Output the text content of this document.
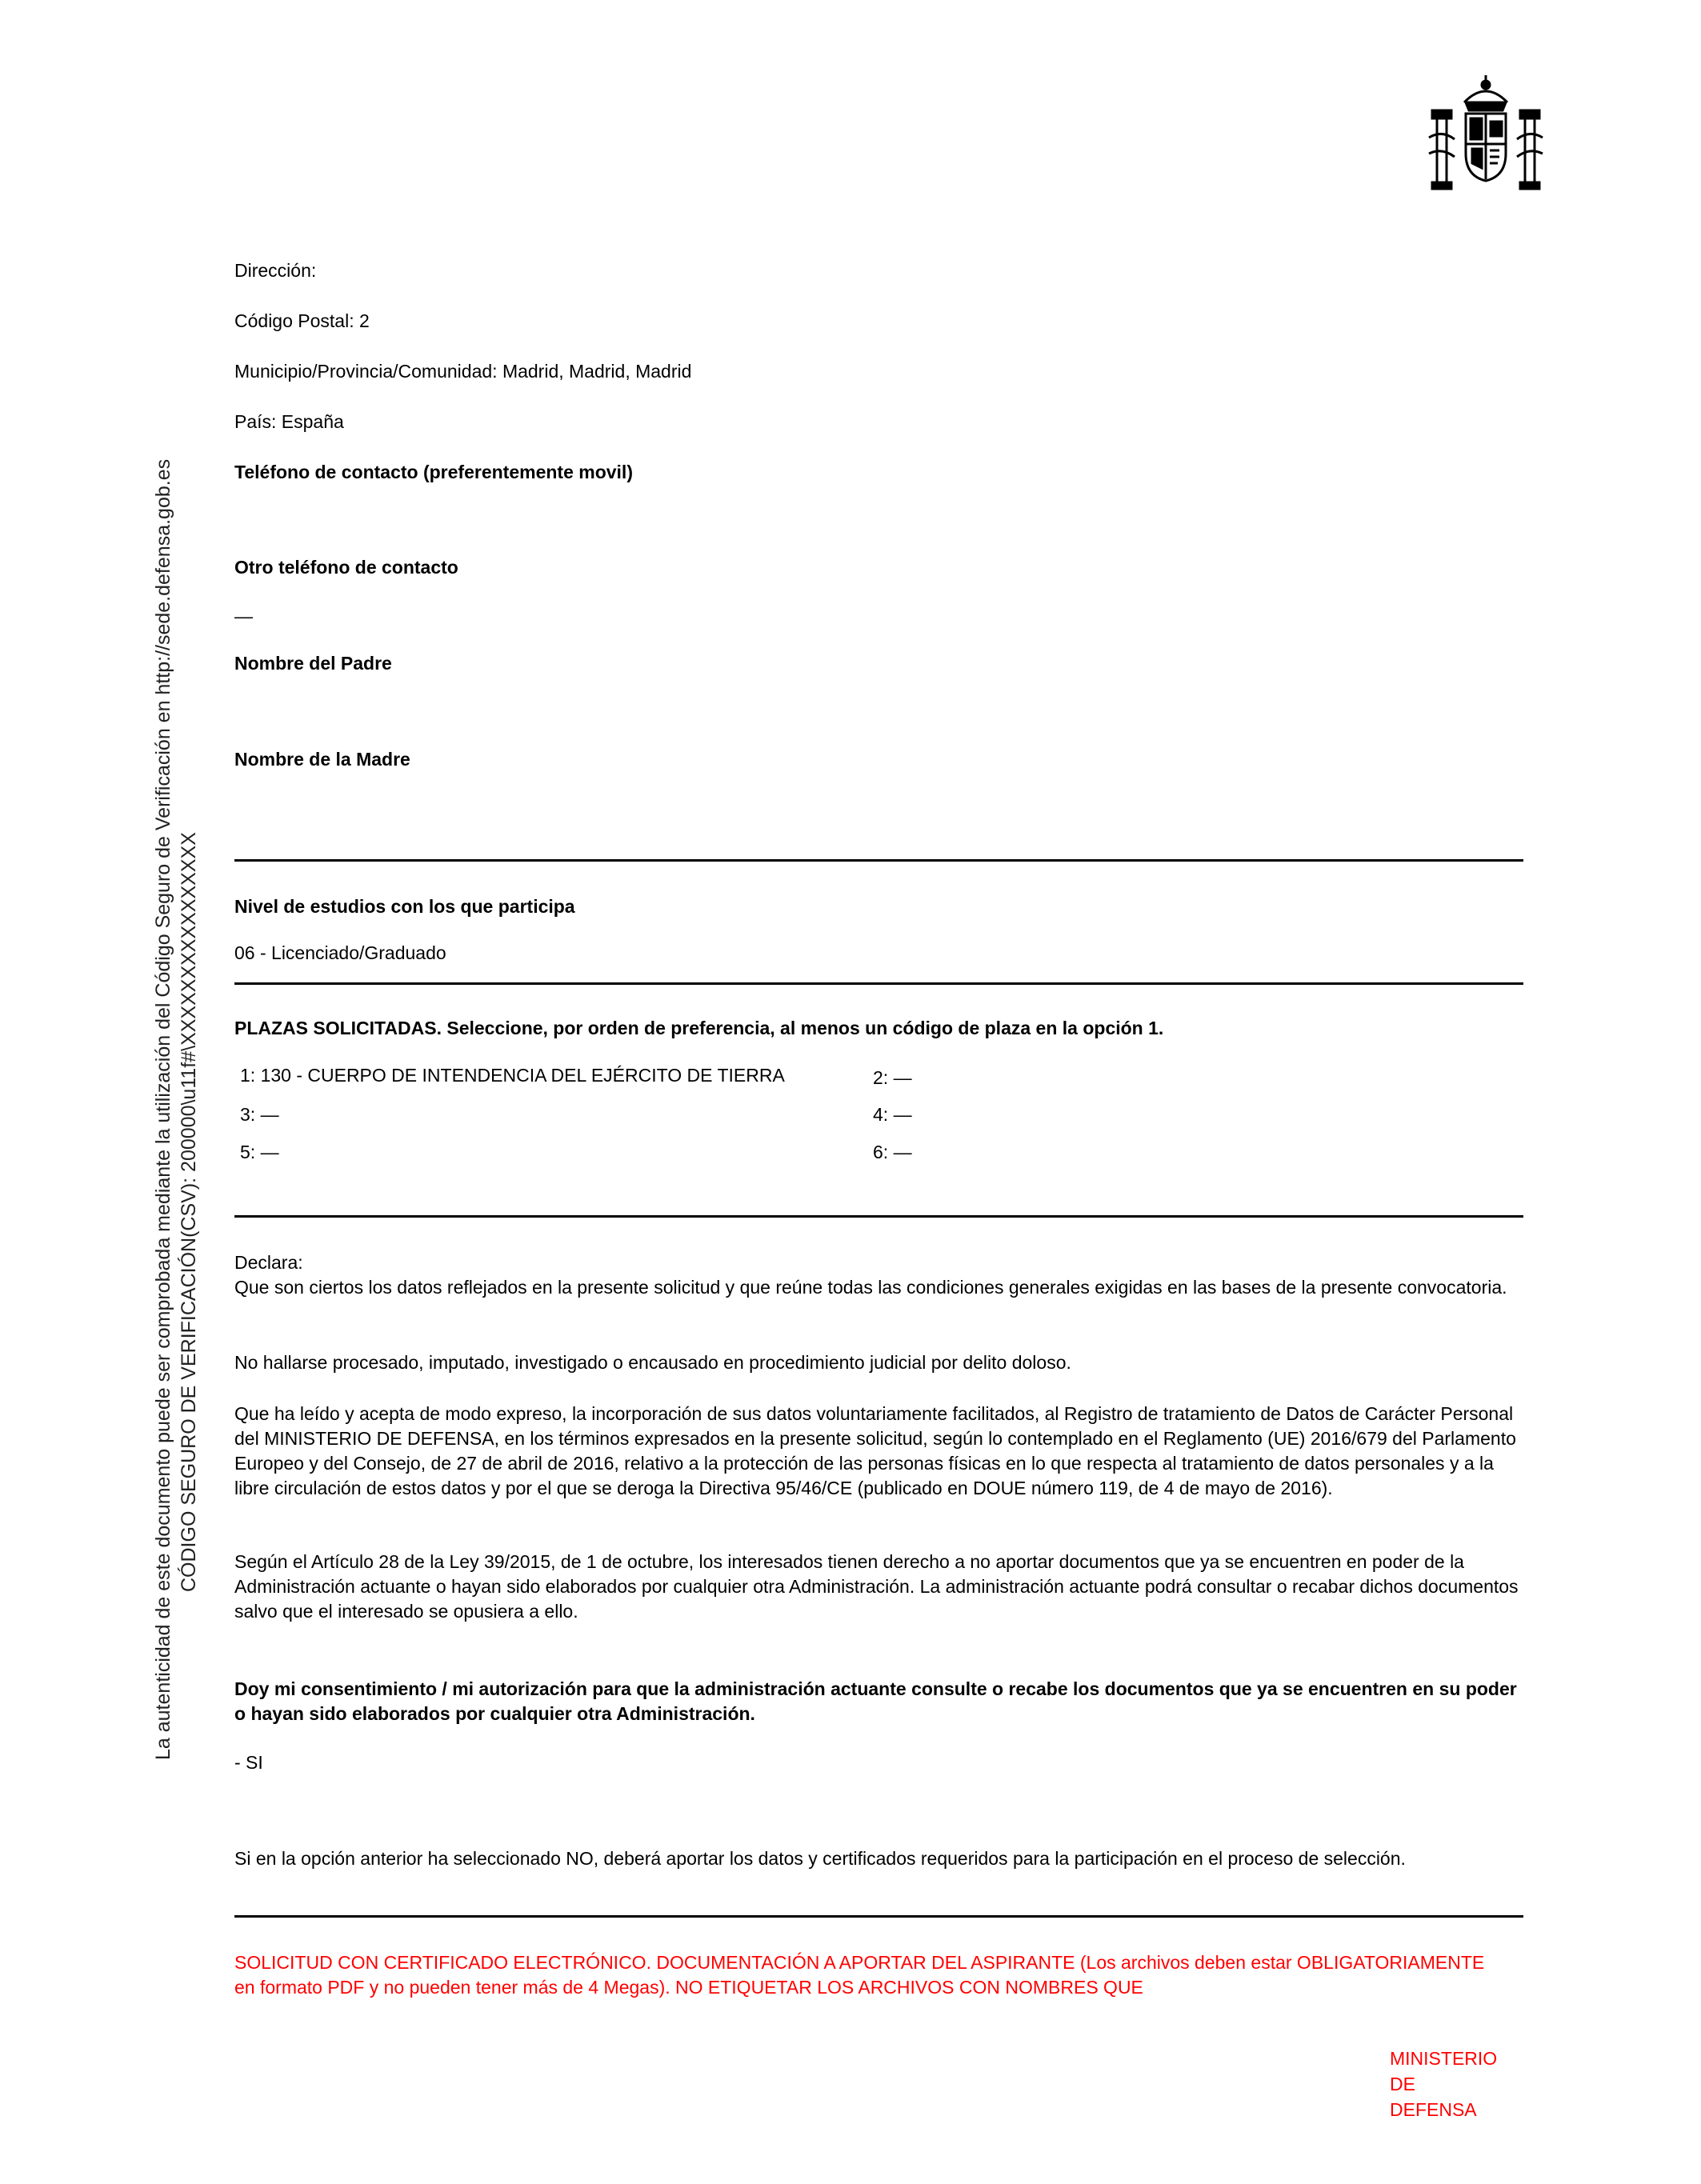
La autenticidad de este documento puede ser comprobada mediante la utilización del Código Seguro de Verificación en http://sede.defensa.gob.es CÓDIGO SEGURO DE VERIFICACIÓN(CSV): 200000\u11f#\XXXXXXXXXXXXXXXX
Dirección:
Código Postal: 2
Municipio/Provincia/Comunidad: Madrid, Madrid, Madrid
País: España
Teléfono de contacto (preferentemente movil)
Otro teléfono de contacto
—
Nombre del Padre
Nombre de la Madre
Nivel de estudios con los que participa
06 - Licenciado/Graduado
PLAZAS SOLICITADAS. Seleccione, por orden de preferencia, al menos un código de plaza en la opción 1.
1: 130 - CUERPO DE INTENDENCIA DEL EJÉRCITO DE TIERRA	2: —
3: —	4: —
5: —	6: —
Declara:
Que son ciertos los datos reflejados en la presente solicitud y que reúne todas las condiciones generales exigidas en las bases de la presente convocatoria.
No hallarse procesado, imputado, investigado o encausado en procedimiento judicial por delito doloso.
Que ha leído y acepta de modo expreso, la incorporación de sus datos voluntariamente facilitados, al Registro de tratamiento de Datos de Carácter Personal del MINISTERIO DE DEFENSA, en los términos expresados en la presente solicitud, según lo contemplado en el Reglamento (UE) 2016/679 del Parlamento Europeo y del Consejo, de 27 de abril de 2016, relativo a la protección de las personas físicas en lo que respecta al tratamiento de datos personales y a la libre circulación de estos datos y por el que se deroga la Directiva 95/46/CE (publicado en DOUE número 119, de 4 de mayo de 2016).
Según el Artículo 28 de la Ley 39/2015, de 1 de octubre, los interesados tienen derecho a no aportar documentos que ya se encuentren en poder de la Administración actuante o hayan sido elaborados por cualquier otra Administración. La administración actuante podrá consultar o recabar dichos documentos salvo que el interesado se opusiera a ello.
Doy mi consentimiento / mi autorización para que la administración actuante consulte o recabe los documentos que ya se encuentren en su poder o hayan sido elaborados por cualquier otra Administración.
- SI
Si en la opción anterior ha seleccionado NO, deberá aportar los datos y certificados requeridos para la participación en el proceso de selección.
SOLICITUD CON CERTIFICADO ELECTRÓNICO. DOCUMENTACIÓN A APORTAR DEL ASPIRANTE (Los archivos deben estar OBLIGATORIAMENTE en formato PDF y no pueden tener más de 4 Megas). NO ETIQUETAR LOS ARCHIVOS CON NOMBRES QUE
MINISTERIO
DE
DEFENSA
